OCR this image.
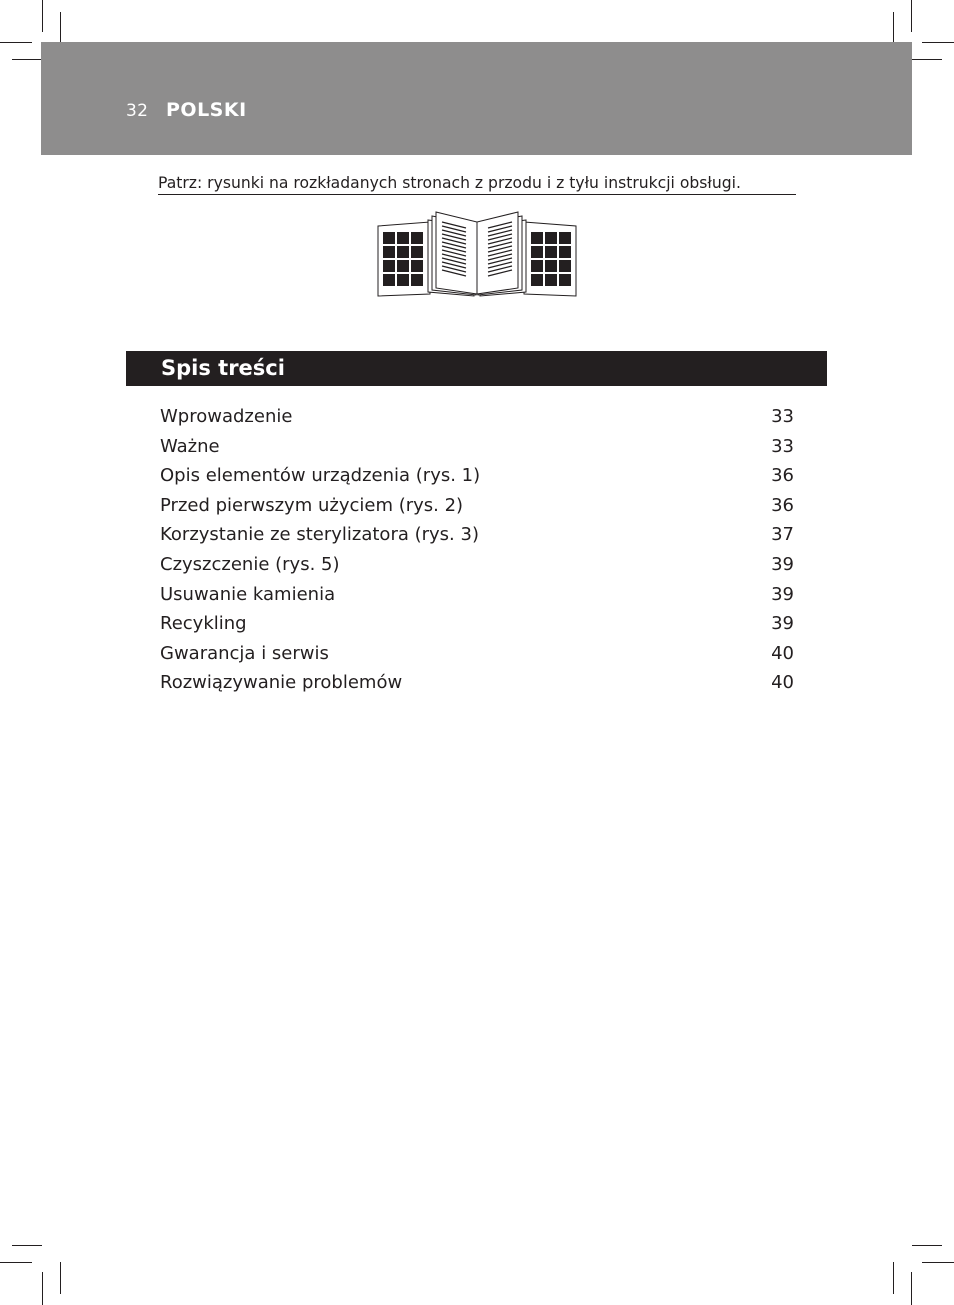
32 POLSKI
Patrz: rysunki na rozkładanych stronach z przodu i z tyłu instrukcji obsługi.
Spis treści
Wprowadzenie	33
Ważne	33
Opis elementów urządzenia (rys. 1)	36
Przed pierwszym użyciem (rys. 2)	36
Korzystanie ze sterylizatora (rys. 3)	37
Czyszczenie (rys. 5)	39
Usuwanie kamienia	39
Recykling	39
Gwarancja i serwis	40
Rozwiązywanie problemów	40
